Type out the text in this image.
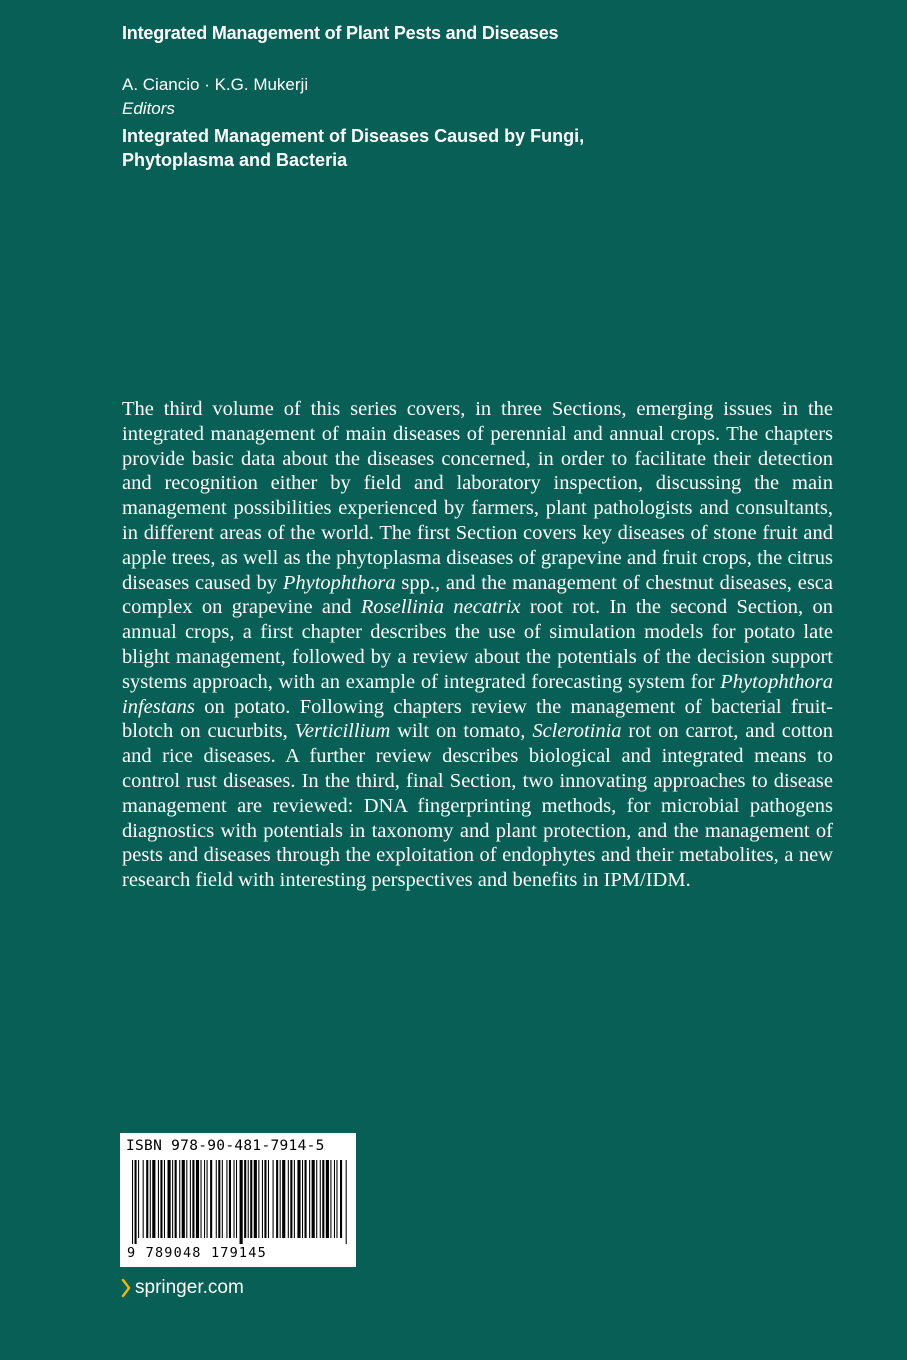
Integrated Management of Plant Pests and Diseases
A. Ciancio · K.G. Mukerji
Editors
Integrated Management of Diseases Caused by Fungi,
Phytoplasma and Bacteria

The third volume of this series covers, in three Sections, emerging issues in the integrated management of main diseases of perennial and annual crops. The chapters provide basic data about the diseases concerned, in order to facilitate their detection and recognition either by field and laboratory inspection, discussing the main management possibilities experienced by farmers, plant pathologists and consultants, in different areas of the world. The first Section covers key diseases of stone fruit and apple trees, as well as the phytoplasma diseases of grapevine and fruit crops, the citrus diseases caused by Phytophthora spp., and the management of chestnut diseases, esca complex on grapevine and Rosellinia necatrix root rot. In the second Section, on annual crops, a first chapter describes the use of simulation models for potato late blight management, followed by a review about the potentials of the decision support systems approach, with an example of integrated forecasting system for Phytophthora infestans on potato. Following chapters review the management of bacterial fruit-blotch on cucurbits, Verticillium wilt on tomato, Sclerotinia rot on carrot, and cotton and rice diseases. A further review describes biological and integrated means to control rust diseases. In the third, final Section, two innovating approaches to disease management are reviewed: DNA fingerprinting methods, for microbial pathogens diagnostics with potentials in taxonomy and plant protection, and the management of pests and diseases through the exploitation of endophytes and their metabolites, a new research field with interesting perspectives and benefits in IPM/IDM.

ISBN 978-90-481-7914-5
9 789048 179145
springer.com
